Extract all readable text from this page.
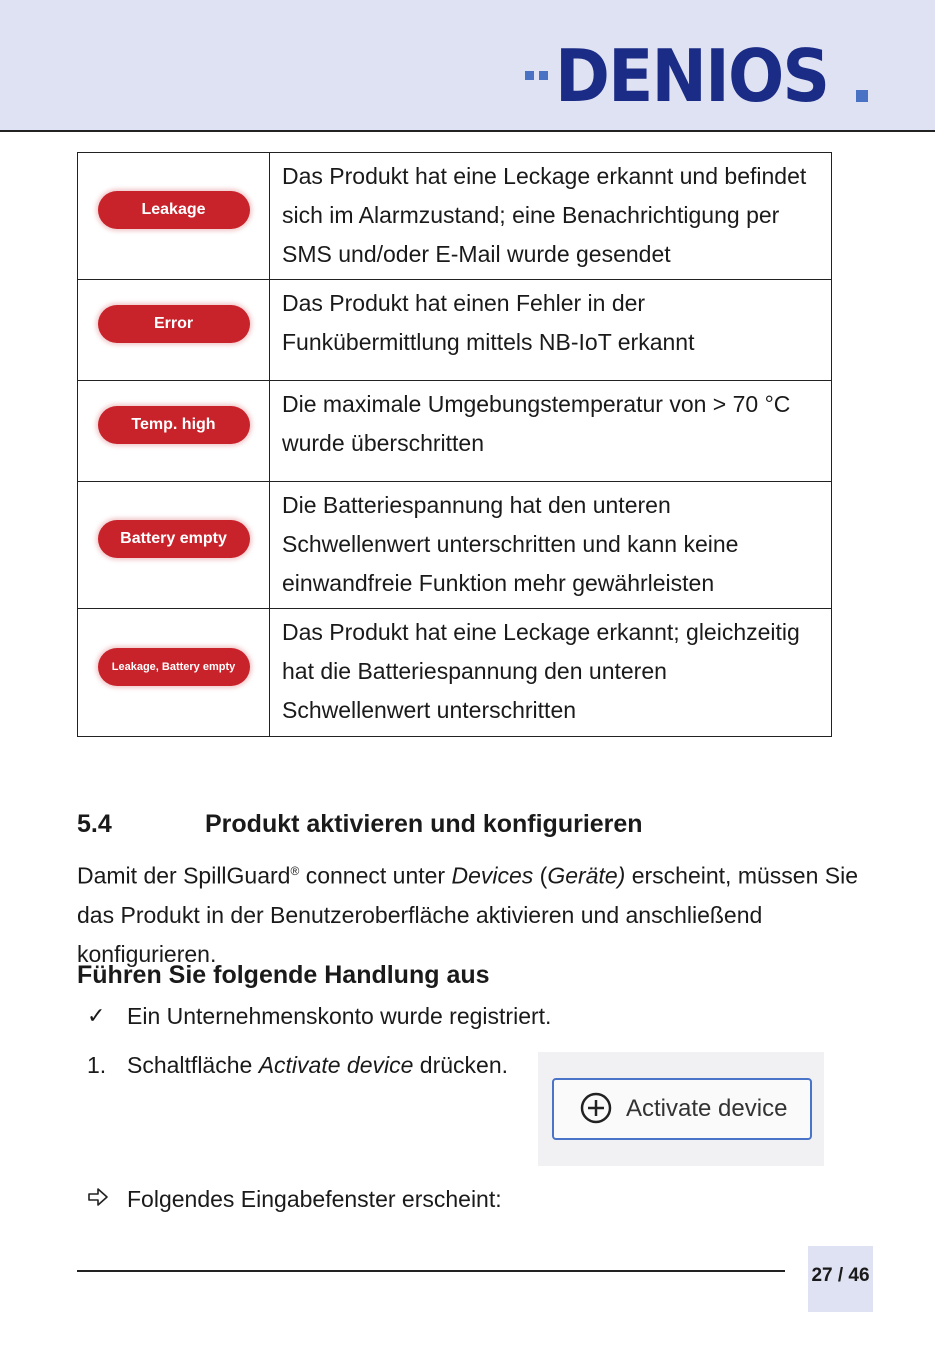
DENIOS
Leakage	Das Produkt hat eine Leckage erkannt und befindet sich im Alarmzustand; eine Benachrichtigung per SMS und/oder E-Mail wurde gesendet
Error	Das Produkt hat einen Fehler in der Funkübermittlung mittels NB-IoT erkannt
Temp. high	Die maximale Umgebungstemperatur von > 70 °C wurde überschritten
Battery empty	Die Batteriespannung hat den unteren Schwellenwert unterschritten und kann keine einwandfreie Funktion mehr gewährleisten
Leakage, Battery empty	Das Produkt hat eine Leckage erkannt; gleichzeitig hat die Batteriespannung den unteren Schwellenwert unterschritten
5.4	Produkt aktivieren und konfigurieren
Damit der SpillGuard® connect unter Devices (Geräte) erscheint, müssen Sie das Produkt in der Benutzeroberfläche aktivieren und anschließend konfigurieren.
Führen Sie folgende Handlung aus
✓ Ein Unternehmenskonto wurde registriert.
1. Schaltfläche Activate device drücken.
Activate device
Folgendes Eingabefenster erscheint:
27 / 46
